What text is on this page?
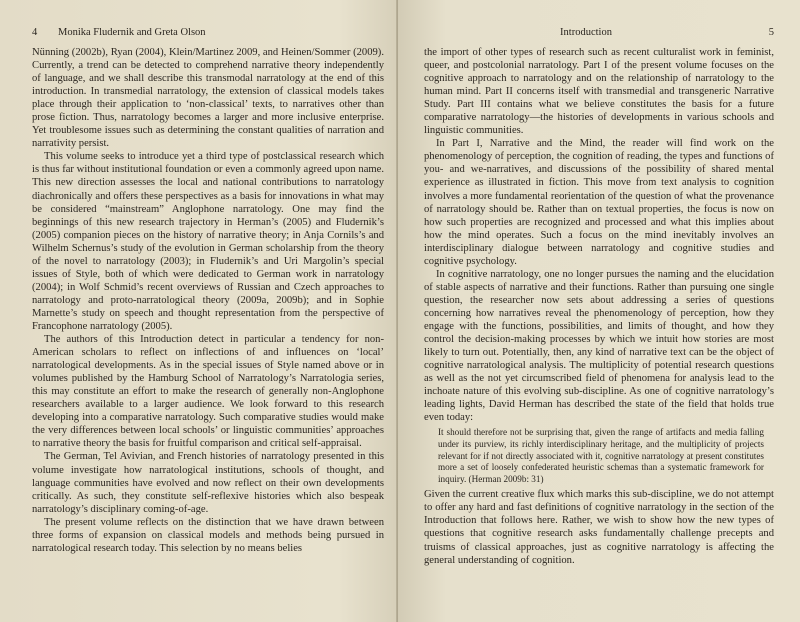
4	Monika Fludernik and Greta Olson

Nünning (2002b), Ryan (2004), Klein/Martinez 2009, and Heinen/Sommer (2009). Currently, a trend can be detected to comprehend narrative theory independently of language, and we shall describe this transmodal narratology at the end of this introduction. In transmedial narratology, the extension of classical models takes place through their application to ‘non-classical’ texts, to narratives other than prose fiction. Thus, narratology becomes a larger and more inclusive enterprise. Yet troublesome issues such as determining the constant qualities of narration and narrativity persist.

This volume seeks to introduce yet a third type of postclassical research which is thus far without institutional foundation or even a commonly agreed upon name. This new direction assesses the local and national contributions to narratology diachronically and offers these perspectives as a basis for innovations in what may be considered “mainstream” Anglophone narratology. One may find the beginnings of this new research trajectory in Herman’s (2005) and Fludernik’s (2005) companion pieces on the history of narrative theory; in Anja Cornils’s and Wilhelm Schernus’s study of the evolution in German scholarship from the theory of the novel to narratology (2003); in Fludernik’s and Uri Margolin’s special issues of Style, both of which were dedicated to German work in narratology (2004); in Wolf Schmid’s recent overviews of Russian and Czech approaches to narratology and proto-narratological theory (2009a, 2009b); and in Sophie Marnette’s study on speech and thought representation from the perspective of Francophone narratology (2005).

The authors of this Introduction detect in particular a tendency for non-American scholars to reflect on inflections of and influences on ‘local’ narratological developments. As in the special issues of Style named above or in volumes published by the Hamburg School of Narratology’s Narratologia series, this may constitute an effort to make the research of generally non-Anglophone researchers available to a larger audience. We look forward to this research developing into a comparative narratology. Such comparative studies would make the very differences between local schools’ or linguistic communities’ approaches to narrative theory the basis for fruitful comparison and critical self-appraisal.

The German, Tel Avivian, and French histories of narratology presented in this volume investigate how narratological institutions, schools of thought, and language communities have evolved and now reflect on their own developments critically. As such, they constitute self-reflexive histories which also bespeak narratology’s disciplinary coming-of-age.

The present volume reflects on the distinction that we have drawn between three forms of expansion on classical models and methods being pursued in narratological research today. This selection by no means belies

Introduction	5

the import of other types of research such as recent culturalist work in feminist, queer, and postcolonial narratology. Part I of the present volume focuses on the cognitive approach to narratology and on the relationship of narratology to the human mind. Part II concerns itself with transmedial and transgeneric Narrative Study. Part III contains what we believe constitutes the basis for a future comparative narratology—the histories of developments in various schools and linguistic communities.

In Part I, Narrative and the Mind, the reader will find work on the phenomenology of perception, the cognition of reading, the types and functions of you- and we-narratives, and discussions of the possibility of shared mental experience as illustrated in fiction. This move from text analysis to cognition involves a more fundamental reorientation of the question of what the provenance of narratology should be. Rather than on textual properties, the focus is now on how such properties are recognized and processed and what this implies about how the mind operates. Such a focus on the mind inevitably involves an interdisciplinary dialogue between narratology and cognitive studies and cognitive psychology.

In cognitive narratology, one no longer pursues the naming and the elucidation of stable aspects of narrative and their functions. Rather than pursuing one single question, the researcher now sets about addressing a series of questions concerning how narratives reveal the phenomenology of perception, how they engage with the functions, possibilities, and limits of thought, and how they control the decision-making processes by which we intuit how stories are most likely to turn out. Potentially, then, any kind of narrative text can be the object of cognitive narratological analysis. The multiplicity of potential research questions as well as the not yet circumscribed field of phenomena for analysis lead to the inchoate nature of this evolving sub-discipline. As one of cognitive narratology’s leading lights, David Herman has described the state of the field that holds true even today:

It should therefore not be surprising that, given the range of artifacts and media falling under its purview, its richly interdisciplinary heritage, and the multiplicity of projects relevant for if not directly associated with it, cognitive narratology at present constitutes more a set of loosely confederated heuristic schemas than a systematic framework for inquiry. (Herman 2009b: 31)

Given the current creative flux which marks this sub-discipline, we do not attempt to offer any hard and fast definitions of cognitive narratology in the section of the Introduction that follows here. Rather, we wish to show how the new types of questions that cognitive research asks fundamentally challenge precepts and truisms of classical approaches, just as cognitive narratology is affecting the general understanding of cognition.
